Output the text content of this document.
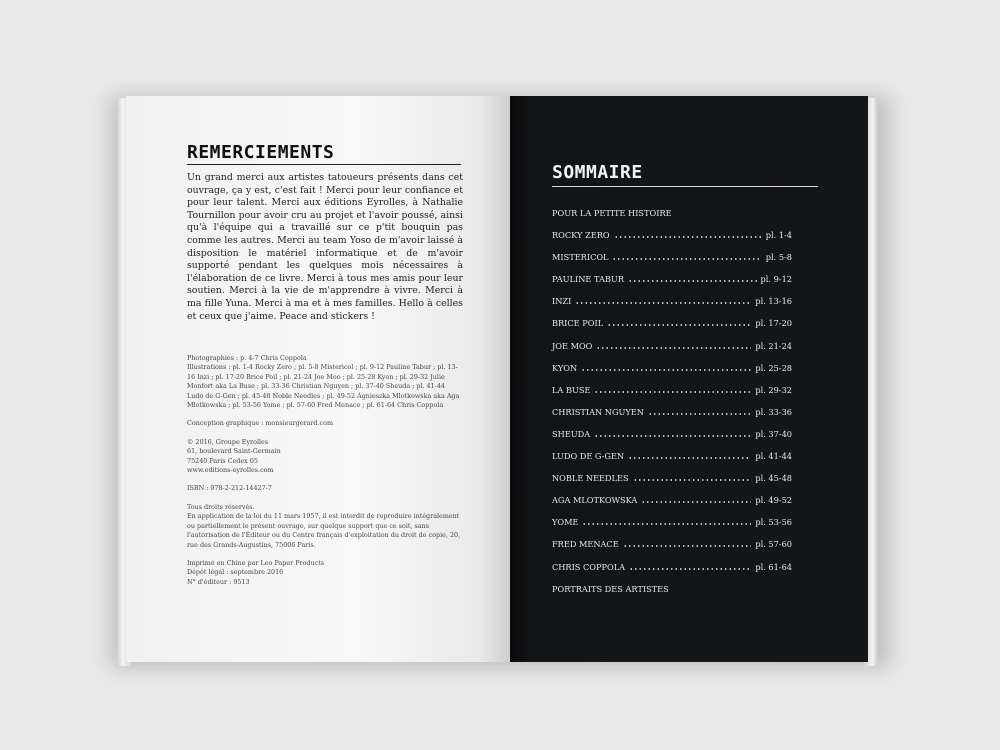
REMERCIEMENTS
Un grand merci aux artistes tatoueurs présents dans cet ouvrage, ça y est, c'est fait ! Merci pour leur confiance et pour leur talent. Merci aux éditions Eyrolles, à Nathalie Tournillon pour avoir cru au projet et l'avoir poussé, ainsi qu'à l'équipe qui a travaillé sur ce p'tit bouquin pas comme les autres. Merci au team Yoso de m'avoir laissé à disposition le matériel informatique et de m'avoir supporté pendant les quelques mois nécessaires à l'élaboration de ce livre. Merci à tous mes amis pour leur soutien. Merci à la vie de m'apprendre à vivre. Merci à ma fille Yuna. Merci à ma et à mes familles. Hello à celles et ceux que j'aime. Peace and stickers !

Photographies : p. 4-7 Chris Coppola

Illustrations : pl. 1-4 Rocky Zero ; pl. 5-8 Mistericol ; pl. 9-12 Pauline Tabur ; pl. 13-16 Inzi ; pl. 17-20 Brice Poil ; pl. 21-24 Joe Moo ; pl. 25-28 Kyon ; pl. 29-32 Julie Monfort aka La Buse ; pl. 33-36 Christian Nguyen ; pl. 37-40 Sheuda ; pl. 41-44 Ludo de G-Gen ; pl. 45-48 Noble Needles ; pl. 49-52 Agnieszka Mlotkowska aka Aga Mlotkowska ; pl. 53-56 Yome ; pl. 57-60 Fred Menace ; pl. 61-64 Chris Coppola

Conception graphique : monsieurgerard.com

© 2016, Groupe Eyrolles
61, boulevard Saint-Germain
75240 Paris Cedex 05
www.editions-eyrolles.com

ISBN : 978-2-212-14427-7

Tous droits réservés.

En application de la loi du 11 mars 1957, il est interdit de reproduire intégralement ou partiellement le présent ouvrage, sur quelque support que ce soit, sans l'autorisation de l'Éditeur ou du Centre français d'exploitation du droit de copie, 20, rue des Grands-Augustins, 75006 Paris.

Imprimé en Chine par Leo Paper Products
Dépôt légal : septembre 2016
N° d'éditeur : 9513

SOMMAIRE
POUR LA PETITE HISTOIRE
ROCKY ZERO	pl. 1-4
MISTERICOL	pl. 5-8
PAULINE TABUR	pl. 9-12
INZI	pl. 13-16
BRICE POIL	pl. 17-20
JOE MOO	pl. 21-24
KYON	pl. 25-28
LA BUSE	pl. 29-32
CHRISTIAN NGUYEN	pl. 33-36
SHEUDA	pl. 37-40
LUDO DE G-GEN	pl. 41-44
NOBLE NEEDLES	pl. 45-48
AGA MLOTKOWSKA	pl. 49-52
YOME	pl. 53-56
FRED MENACE	pl. 57-60
CHRIS COPPOLA	pl. 61-64
PORTRAITS DES ARTISTES
